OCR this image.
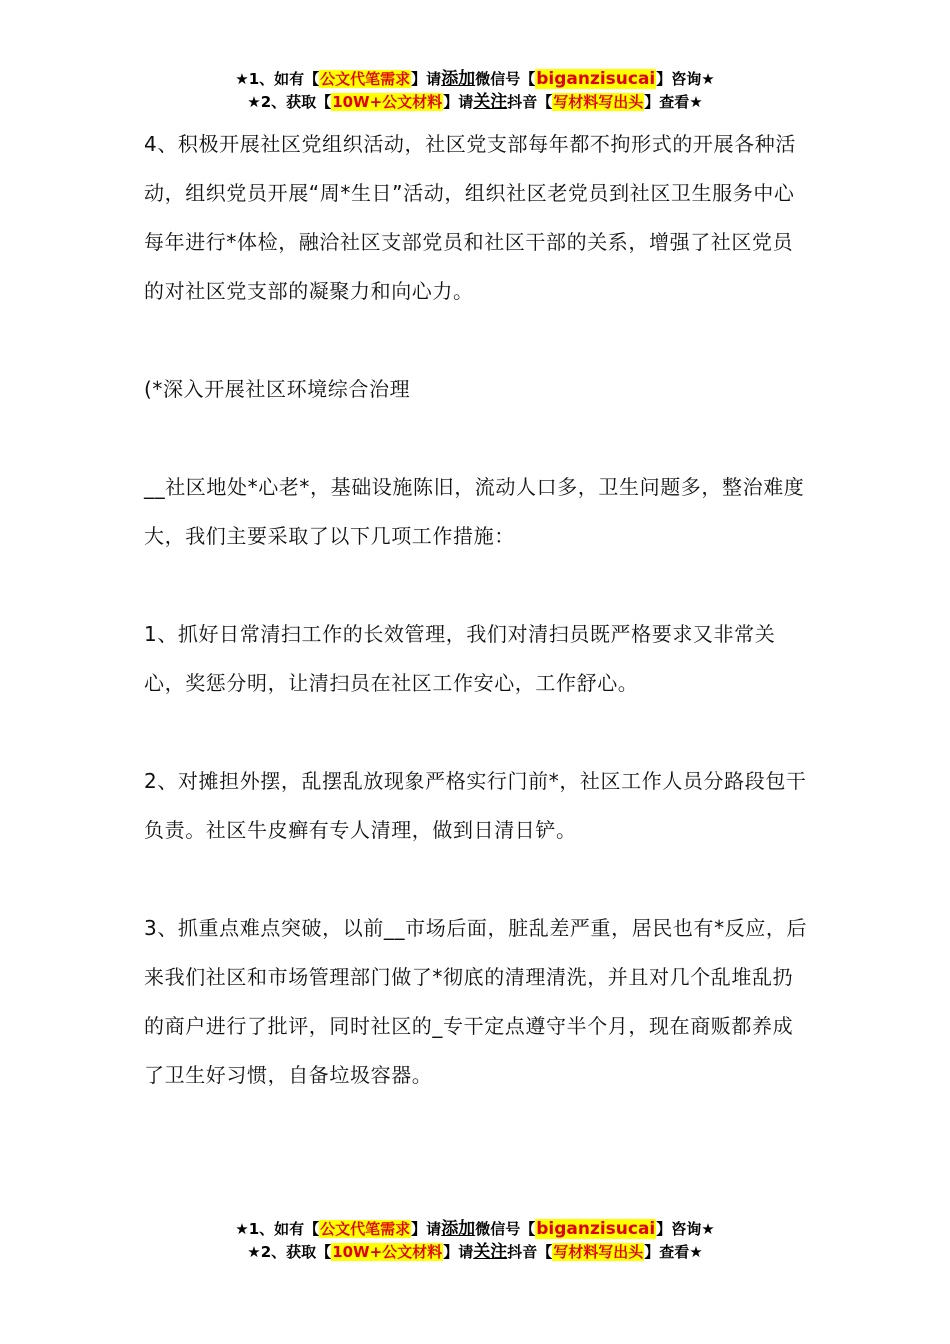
★1、如有【公文代笔需求】请添加微信号【biganzisucai】咨询★
★2、获取【10W+公文材料】请关注抖音【写材料写出头】查看★

4、积极开展社区党组织活动，社区党支部每年都不拘形式的开展各种活动，组织党员开展“周*生日”活动，组织社区老党员到社区卫生服务中心每年进行*体检，融洽社区支部党员和社区干部的关系，增强了社区党员的对社区党支部的凝聚力和向心力。

(*深入开展社区环境综合治理

__社区地处*心老*，基础设施陈旧，流动人口多，卫生问题多，整治难度大，我们主要采取了以下几项工作措施：

1、抓好日常清扫工作的长效管理，我们对清扫员既严格要求又非常关心，奖惩分明，让清扫员在社区工作安心，工作舒心。

2、对摊担外摆，乱摆乱放现象严格实行门前*，社区工作人员分路段包干负责。社区牛皮癣有专人清理，做到日清日铲。

3、抓重点难点突破，以前__市场后面，脏乱差严重，居民也有*反应，后来我们社区和市场管理部门做了*彻底的清理清洗，并且对几个乱堆乱扔的商户进行了批评，同时社区的_专干定点遵守半个月，现在商贩都养成了卫生好习惯，自备垃圾容器。

★1、如有【公文代笔需求】请添加微信号【biganzisucai】咨询★
★2、获取【10W+公文材料】请关注抖音【写材料写出头】查看★
